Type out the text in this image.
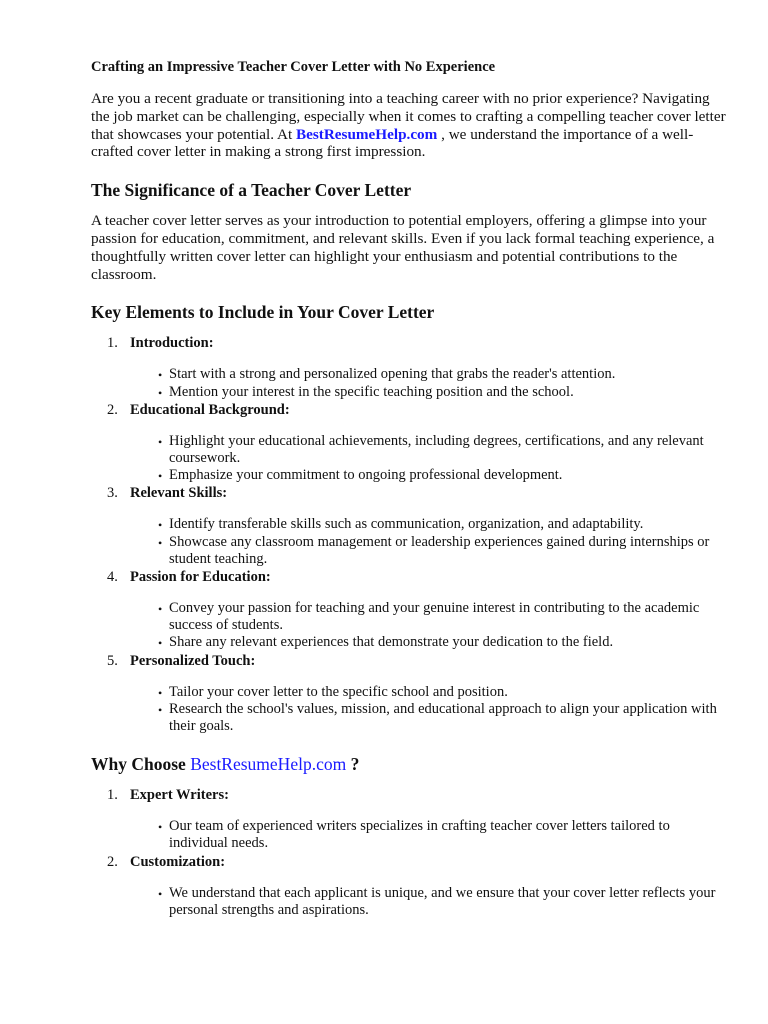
Crafting an Impressive Teacher Cover Letter with No Experience

Are you a recent graduate or transitioning into a teaching career with no prior experience? Navigating the job market can be challenging, especially when it comes to crafting a compelling teacher cover letter that showcases your potential. At BestResumeHelp.com , we understand the importance of a well-crafted cover letter in making a strong first impression.

The Significance of a Teacher Cover Letter

A teacher cover letter serves as your introduction to potential employers, offering a glimpse into your passion for education, commitment, and relevant skills. Even if you lack formal teaching experience, a thoughtfully written cover letter can highlight your enthusiasm and potential contributions to the classroom.

Key Elements to Include in Your Cover Letter
1. Introduction:
• Start with a strong and personalized opening that grabs the reader's attention.
• Mention your interest in the specific teaching position and the school.
2. Educational Background:
• Highlight your educational achievements, including degrees, certifications, and any relevant coursework.
• Emphasize your commitment to ongoing professional development.
3. Relevant Skills:
• Identify transferable skills such as communication, organization, and adaptability.
• Showcase any classroom management or leadership experiences gained during internships or student teaching.
4. Passion for Education:
• Convey your passion for teaching and your genuine interest in contributing to the academic success of students.
• Share any relevant experiences that demonstrate your dedication to the field.
5. Personalized Touch:
• Tailor your cover letter to the specific school and position.
• Research the school's values, mission, and educational approach to align your application with their goals.
Why Choose BestResumeHelp.com ?
1. Expert Writers:
• Our team of experienced writers specializes in crafting teacher cover letters tailored to individual needs.
2. Customization:
• We understand that each applicant is unique, and we ensure that your cover letter reflects your personal strengths and aspirations.
